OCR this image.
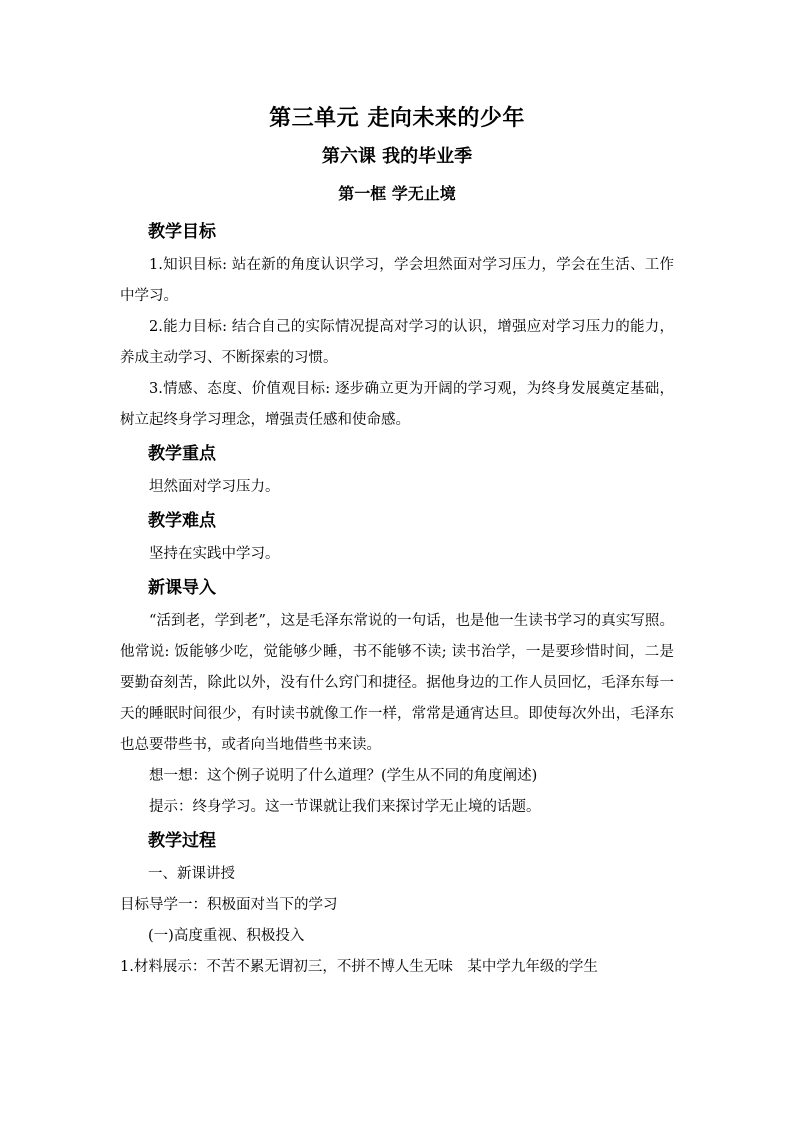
第三单元 走向未来的少年
第六课 我的毕业季
第一框 学无止境
教学目标

1.知识目标: 站在新的角度认识学习，学会坦然面对学习压力，学会在生活、工作中学习。

2.能力目标: 结合自己的实际情况提高对学习的认识，增强应对学习压力的能力，养成主动学习、不断探索的习惯。

3.情感、态度、价值观目标: 逐步确立更为开阔的学习观，为终身发展奠定基础，树立起终身学习理念，增强责任感和使命感。

教学重点

坦然面对学习压力。

教学难点

坚持在实践中学习。

新课导入

“活到老，学到老”，这是毛泽东常说的一句话，也是他一生读书学习的真实写照。他常说: 饭能够少吃，觉能够少睡，书不能够不读; 读书治学，一是要珍惜时间，二是要勤奋刻苦，除此以外，没有什么窍门和捷径。据他身边的工作人员回忆，毛泽东每一天的睡眠时间很少，有时读书就像工作一样，常常是通宵达旦。即使每次外出，毛泽东也总要带些书，或者向当地借些书来读。

想一想：这个例子说明了什么道理？(学生从不同的角度阐述)

提示：终身学习。这一节课就让我们来探讨学无止境的话题。

教学过程

一、新课讲授

目标导学一：积极面对当下的学习

(一)高度重视、积极投入

1.材料展示：不苦不累无谓初三，不拼不博人生无味　某中学九年级的学生
